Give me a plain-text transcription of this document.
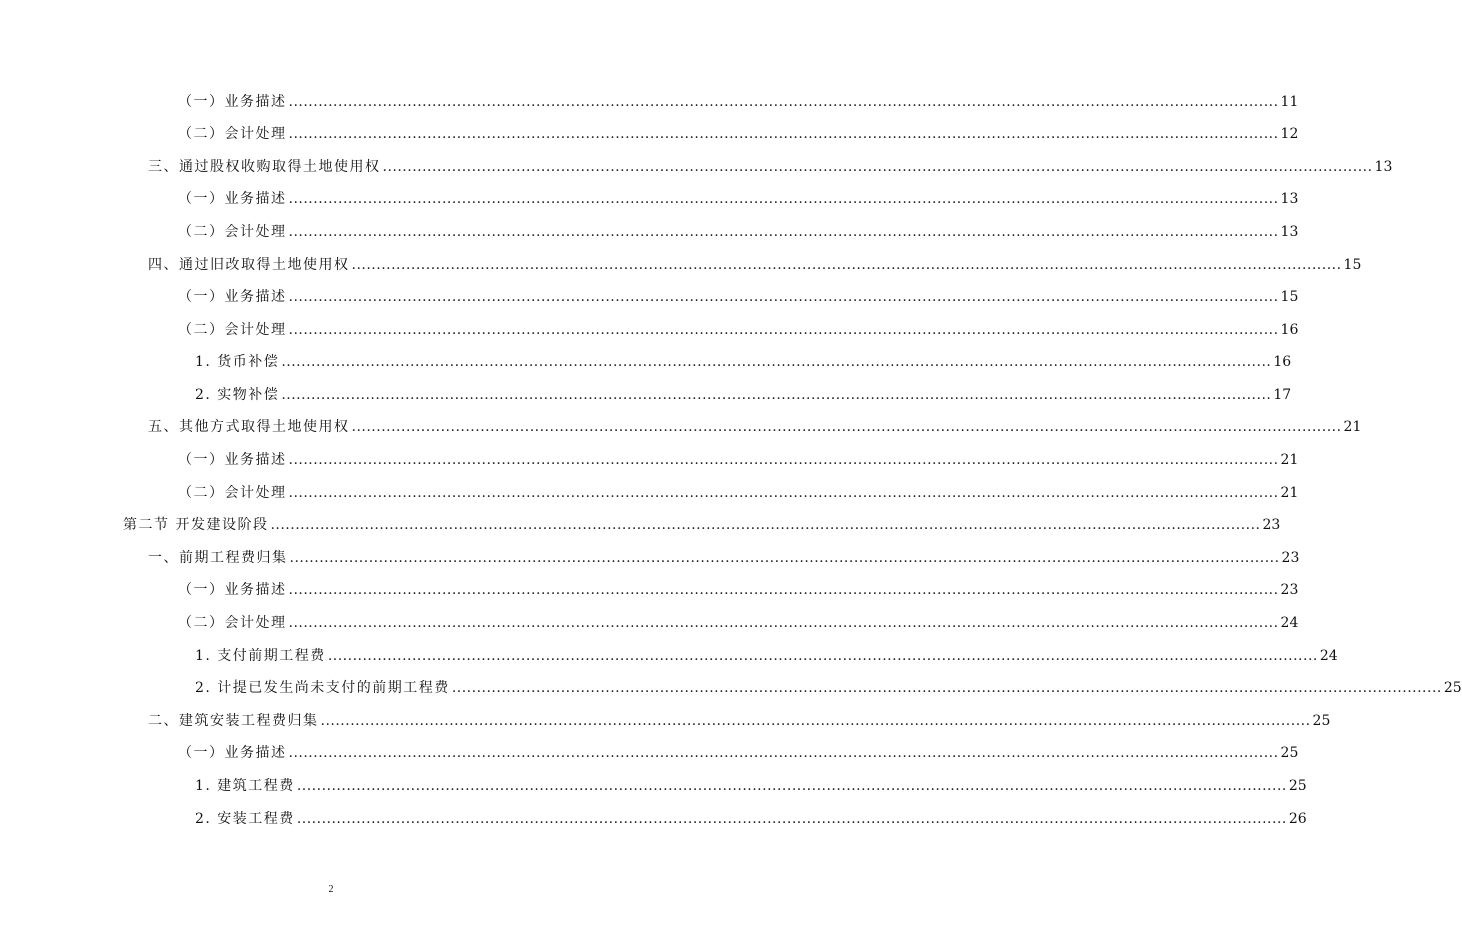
（一）业务描述 ........................................................................................................................................................................................................ 11
（二）会计处理 ........................................................................................................................................................................................................ 12
三、通过股权收购取得土地使用权 ........................................................................................................................................................................................................ 13
（一）业务描述 ........................................................................................................................................................................................................ 13
（二）会计处理 ........................................................................................................................................................................................................ 13
四、通过旧改取得土地使用权 ........................................................................................................................................................................................................ 15
（一）业务描述 ........................................................................................................................................................................................................ 15
（二）会计处理 ........................................................................................................................................................................................................ 16
1. 货币补偿 ........................................................................................................................................................................................................ 16
2. 实物补偿 ........................................................................................................................................................................................................ 17
五、其他方式取得土地使用权 ........................................................................................................................................................................................................ 21
（一）业务描述 ........................................................................................................................................................................................................ 21
（二）会计处理 ........................................................................................................................................................................................................ 21
第二节 开发建设阶段 ........................................................................................................................................................................................................ 23
一、前期工程费归集 ........................................................................................................................................................................................................ 23
（一）业务描述 ........................................................................................................................................................................................................ 23
（二）会计处理 ........................................................................................................................................................................................................ 24
1. 支付前期工程费 ........................................................................................................................................................................................................ 24
2. 计提已发生尚未支付的前期工程费 ........................................................................................................................................................................................................ 25
二、建筑安装工程费归集 ........................................................................................................................................................................................................ 25
（一）业务描述 ........................................................................................................................................................................................................ 25
1. 建筑工程费 ........................................................................................................................................................................................................ 25
2. 安装工程费 ........................................................................................................................................................................................................ 26
2
